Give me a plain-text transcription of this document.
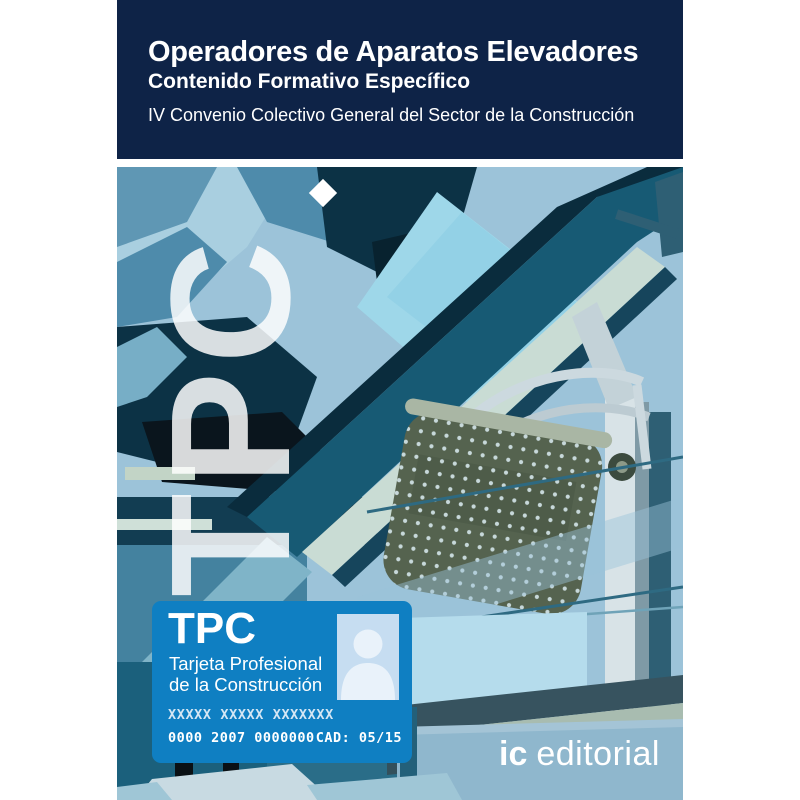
Operadores de Aparatos Elevadores
Contenido Formativo Específico

IV Convenio Colectivo General del Sector de la Construcción

TPC
TPC
Tarjeta Profesional
de la Construcción
XXXXX XXXXX XXXXXXX
0000 2007 0000000 CAD: 05/15	ic editorial
